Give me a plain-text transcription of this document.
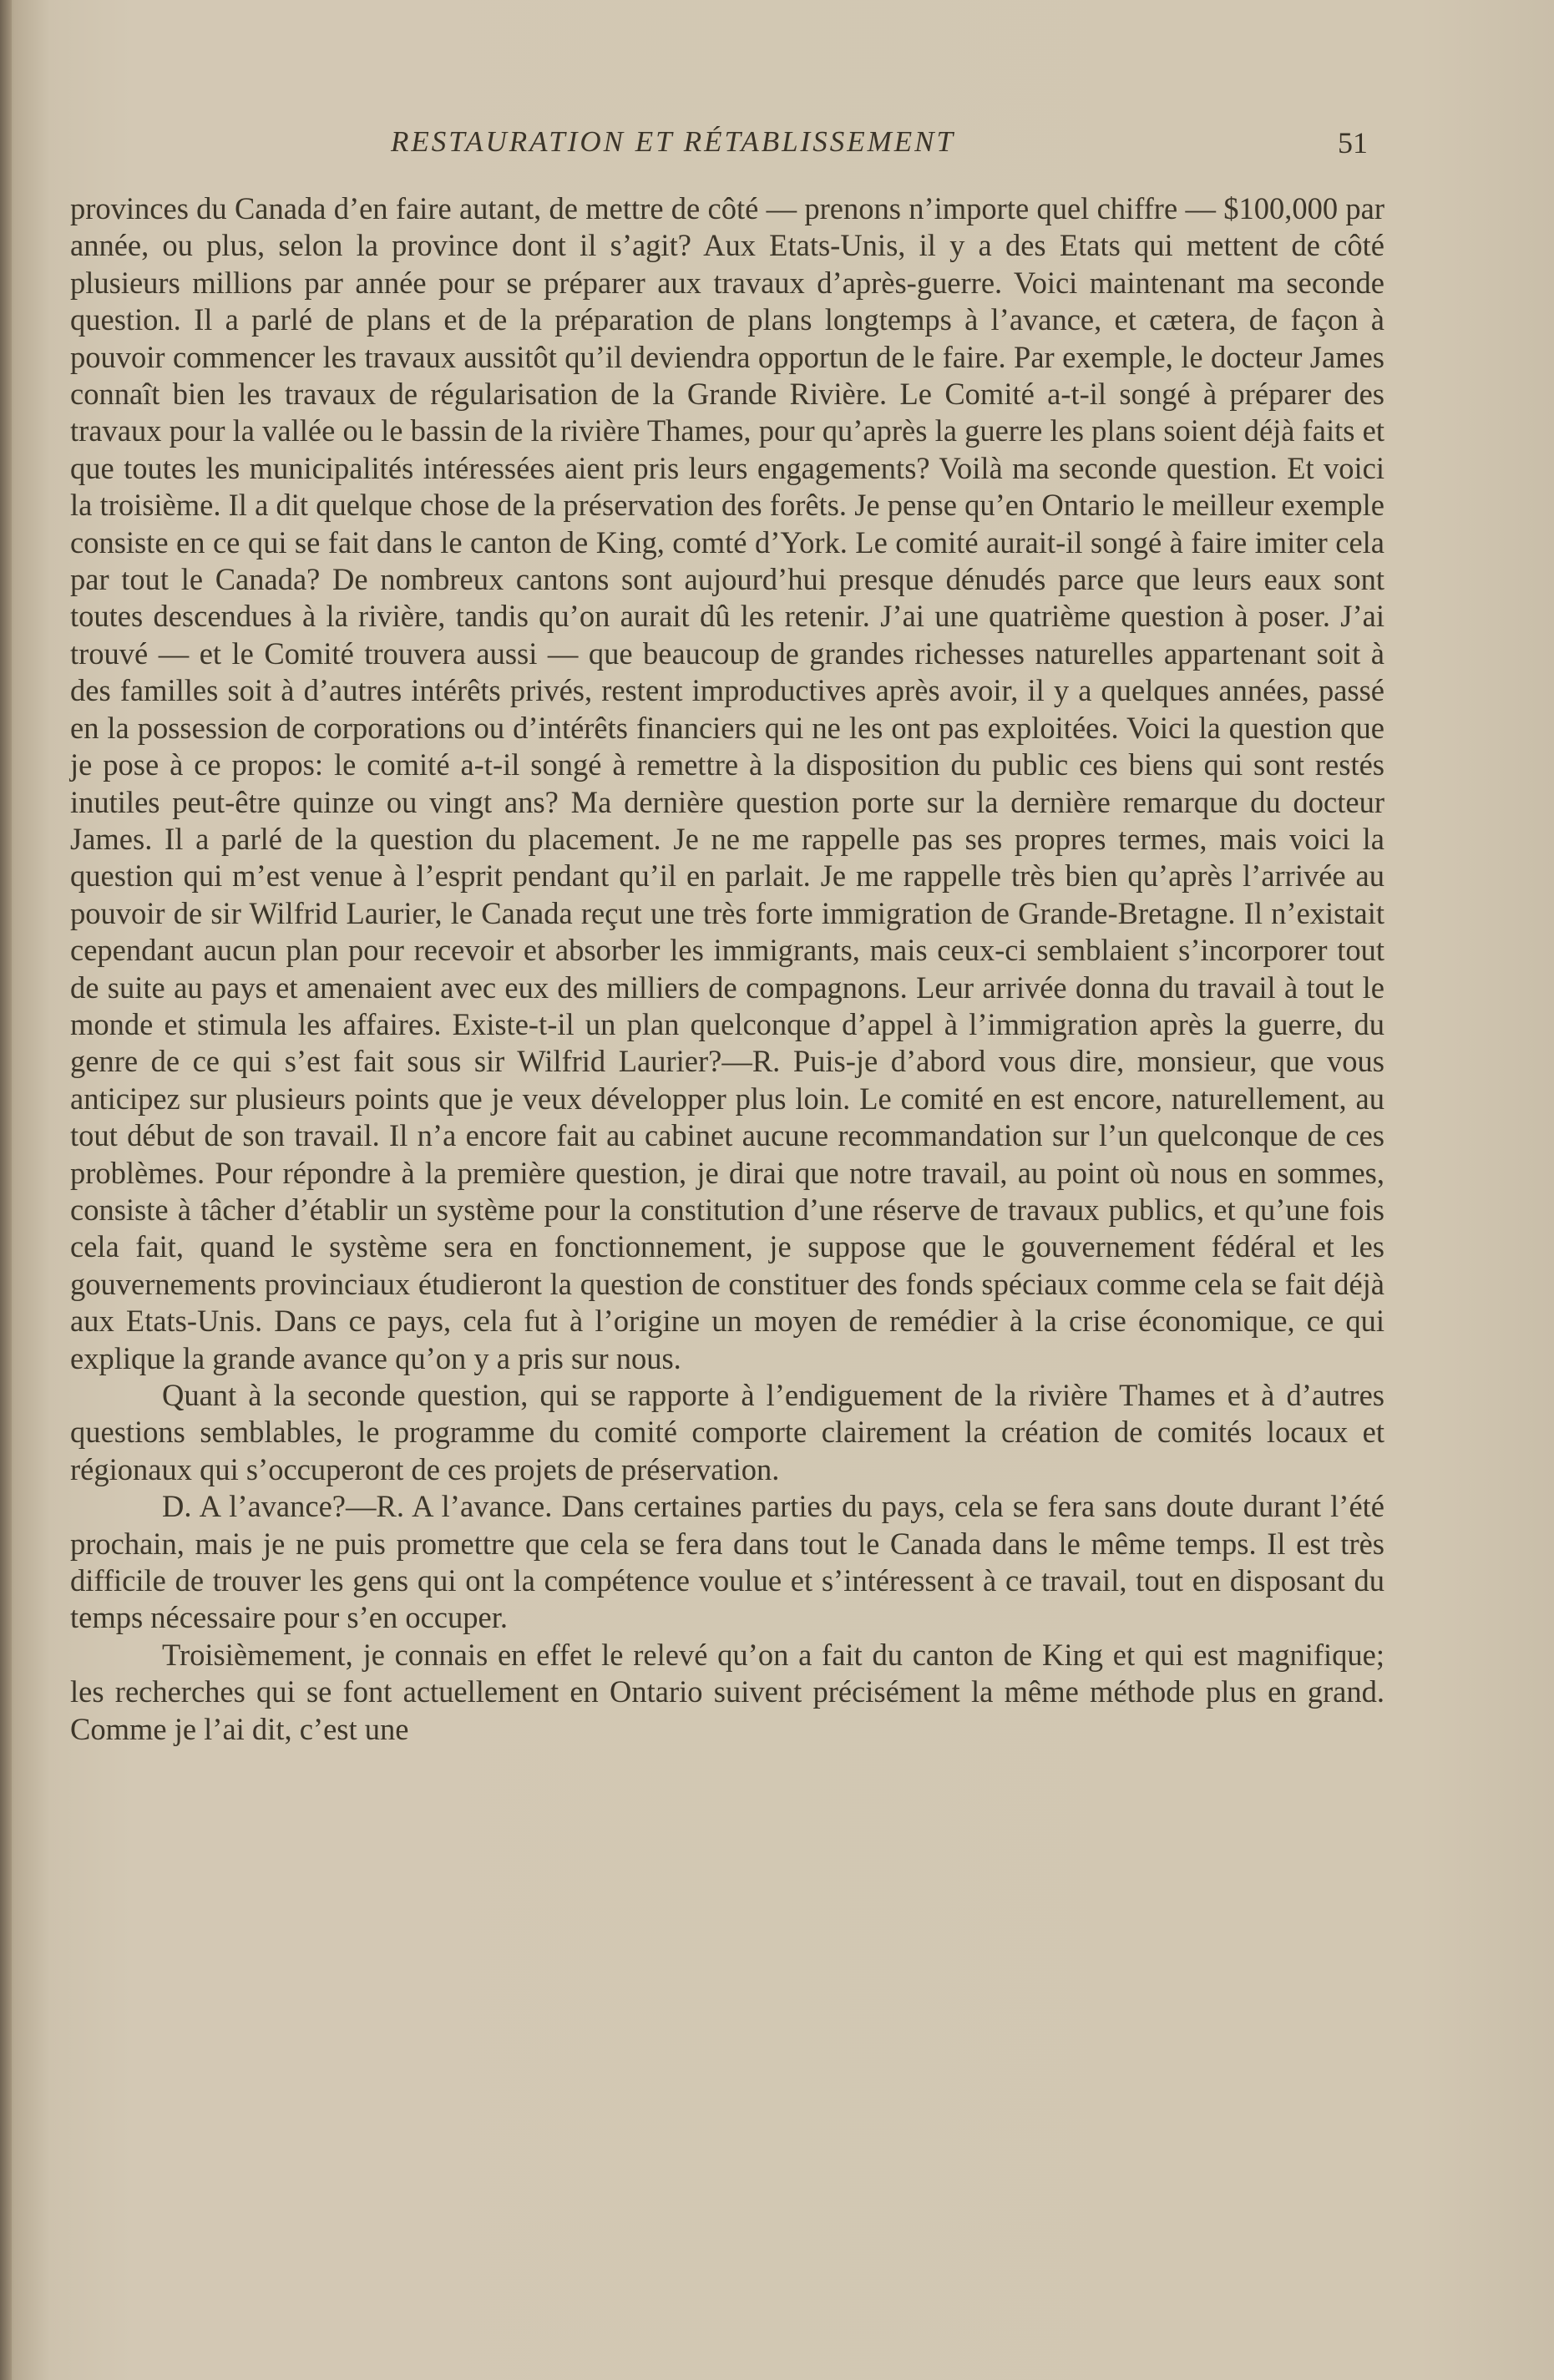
RESTAURATION ET RÉTABLISSEMENT	51

provinces du Canada d’en faire autant, de mettre de côté — prenons n’importe quel chiffre — $100,000 par année, ou plus, selon la province dont il s’agit? Aux Etats-Unis, il y a des Etats qui mettent de côté plusieurs millions par année pour se préparer aux travaux d’après-guerre. Voici maintenant ma seconde question. Il a parlé de plans et de la préparation de plans longtemps à l’avance, et cætera, de façon à pouvoir commencer les travaux aussitôt qu’il deviendra opportun de le faire. Par exemple, le docteur James connaît bien les travaux de régularisation de la Grande Rivière. Le Comité a-t-il songé à préparer des travaux pour la vallée ou le bassin de la rivière Thames, pour qu’après la guerre les plans soient déjà faits et que toutes les municipalités intéressées aient pris leurs engagements? Voilà ma seconde question. Et voici la troisième. Il a dit quelque chose de la préservation des forêts. Je pense qu’en Ontario le meilleur exemple consiste en ce qui se fait dans le canton de King, comté d’York. Le comité aurait-il songé à faire imiter cela par tout le Canada? De nombreux cantons sont aujourd’hui presque dénudés parce que leurs eaux sont toutes descendues à la rivière, tandis qu’on aurait dû les retenir. J’ai une quatrième question à poser. J’ai trouvé — et le Comité trouvera aussi — que beaucoup de grandes richesses naturelles appartenant soit à des familles soit à d’autres intérêts privés, restent improductives après avoir, il y a quelques années, passé en la possession de corporations ou d’intérêts financiers qui ne les ont pas exploitées. Voici la question que je pose à ce propos: le comité a-t-il songé à remettre à la disposition du public ces biens qui sont restés inutiles peut-être quinze ou vingt ans? Ma dernière question porte sur la dernière remarque du docteur James. Il a parlé de la question du placement. Je ne me rappelle pas ses propres termes, mais voici la question qui m’est venue à l’esprit pendant qu’il en parlait. Je me rappelle très bien qu’après l’arrivée au pouvoir de sir Wilfrid Laurier, le Canada reçut une très forte immigration de Grande-Bretagne. Il n’existait cependant aucun plan pour recevoir et absorber les immigrants, mais ceux-ci semblaient s’incorporer tout de suite au pays et amenaient avec eux des milliers de compagnons. Leur arrivée donna du travail à tout le monde et stimula les affaires. Existe-t-il un plan quelconque d’appel à l’immigration après la guerre, du genre de ce qui s’est fait sous sir Wilfrid Laurier?—R. Puis-je d’abord vous dire, monsieur, que vous anticipez sur plusieurs points que je veux développer plus loin. Le comité en est encore, naturellement, au tout début de son travail. Il n’a encore fait au cabinet aucune recommandation sur l’un quelconque de ces problèmes. Pour répondre à la première question, je dirai que notre travail, au point où nous en sommes, consiste à tâcher d’établir un système pour la constitution d’une réserve de travaux publics, et qu’une fois cela fait, quand le système sera en fonctionnement, je suppose que le gouvernement fédéral et les gouvernements provinciaux étudieront la question de constituer des fonds spéciaux comme cela se fait déjà aux Etats-Unis. Dans ce pays, cela fut à l’origine un moyen de remédier à la crise économique, ce qui explique la grande avance qu’on y a pris sur nous.

Quant à la seconde question, qui se rapporte à l’endiguement de la rivière Thames et à d’autres questions semblables, le programme du comité comporte clairement la création de comités locaux et régionaux qui s’occuperont de ces projets de préservation.

D. A l’avance?—R. A l’avance. Dans certaines parties du pays, cela se fera sans doute durant l’été prochain, mais je ne puis promettre que cela se fera dans tout le Canada dans le même temps. Il est très difficile de trouver les gens qui ont la compétence voulue et s’intéressent à ce travail, tout en disposant du temps nécessaire pour s’en occuper.

Troisièmement, je connais en effet le relevé qu’on a fait du canton de King et qui est magnifique; les recherches qui se font actuellement en Ontario suivent précisément la même méthode plus en grand. Comme je l’ai dit, c’est une
